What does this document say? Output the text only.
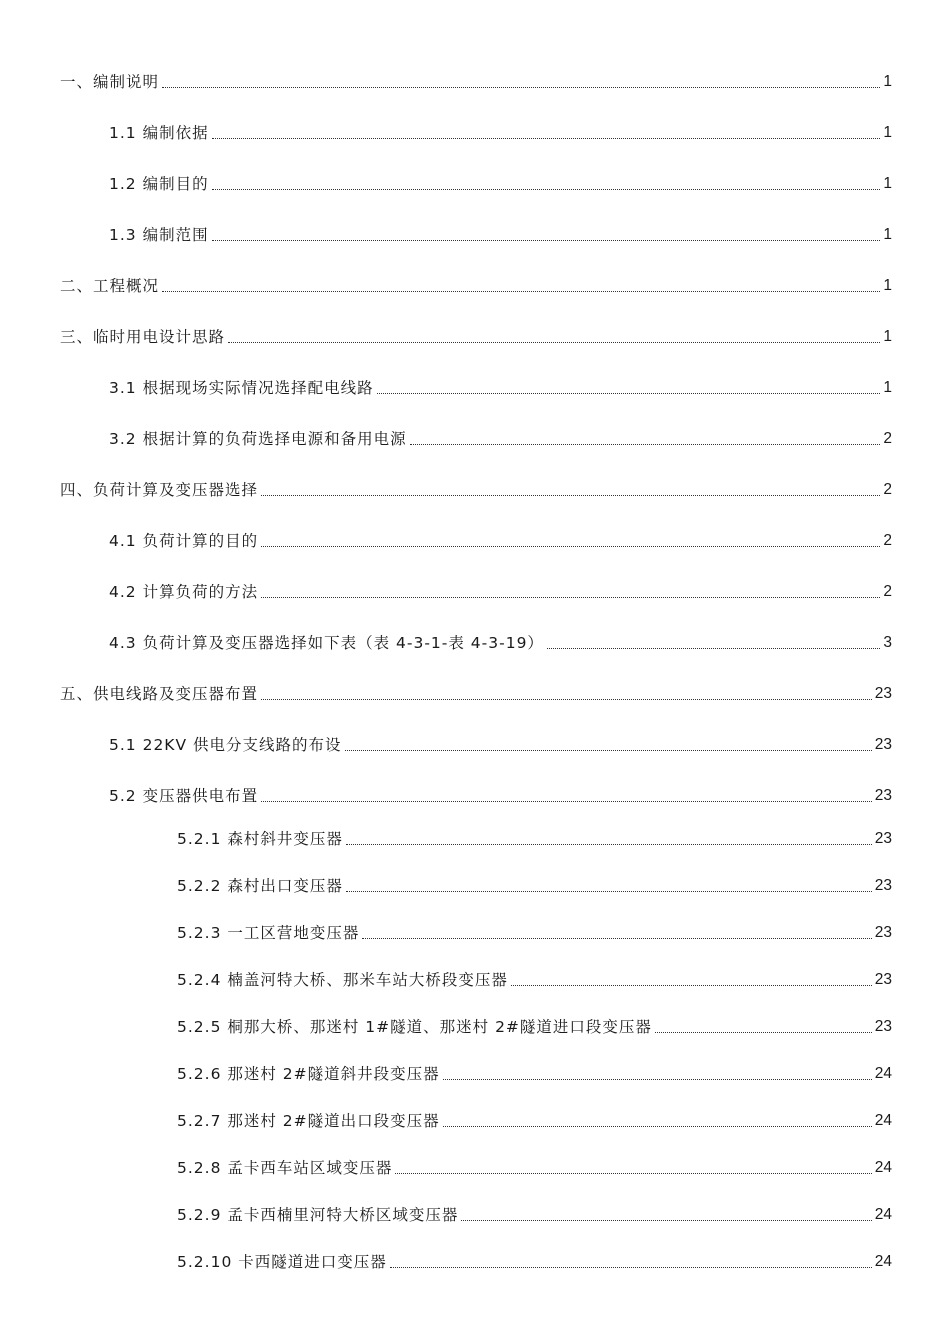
一、编制说明	1
1.1 编制依据	1
1.2 编制目的	1
1.3 编制范围	1
二、工程概况	1
三、临时用电设计思路	1
3.1 根据现场实际情况选择配电线路	1
3.2 根据计算的负荷选择电源和备用电源	2
四、负荷计算及变压器选择	2
4.1 负荷计算的目的	2
4.2 计算负荷的方法	2
4.3 负荷计算及变压器选择如下表（表 4-3-1-表 4-3-19）	3
五、供电线路及变压器布置	23
5.1 22KV 供电分支线路的布设	23
5.2 变压器供电布置	23
5.2.1 森村斜井变压器	23
5.2.2 森村出口变压器	23
5.2.3 一工区营地变压器	23
5.2.4 楠盖河特大桥、那米车站大桥段变压器	23
5.2.5 桐那大桥、那迷村 1#隧道、那迷村 2#隧道进口段变压器	23
5.2.6 那迷村 2#隧道斜井段变压器	24
5.2.7 那迷村 2#隧道出口段变压器	24
5.2.8 孟卡西车站区域变压器	24
5.2.9 孟卡西楠里河特大桥区域变压器	24
5.2.10 卡西隧道进口变压器	24
